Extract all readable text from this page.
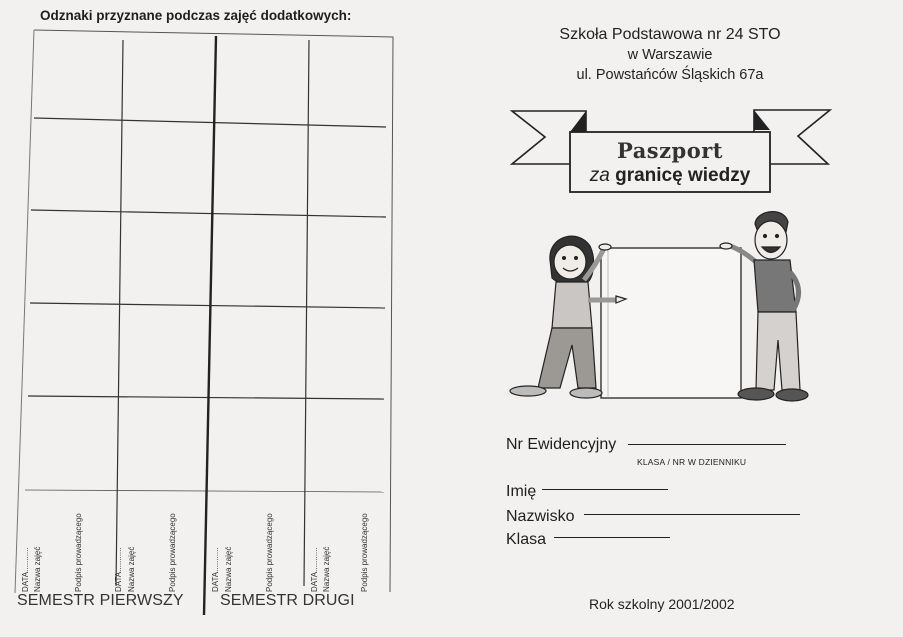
Odznaki przyznane podczas zajęć dodatkowych:
DATA........... Nazwa zajęć	Podpis prowadzącego	DATA........... Nazwa zajęć	Podpis prowadzącego	DATA........... Nazwa zajęć	Podpis prowadzącego	DATA........... Nazwa zajęć	Podpis prowadzącego
SEMESTR PIERWSZY SEMESTR DRUGI
Szkoła Podstawowa nr 24 STO
w Warszawie
ul. Powstańców Śląskich 67a
Paszport
za granicę wiedzy
Nr Ewidencyjny
KLASA / NR W DZIENNIKU
Imię
Nazwisko
Klasa
Rok szkolny 2001/2002
